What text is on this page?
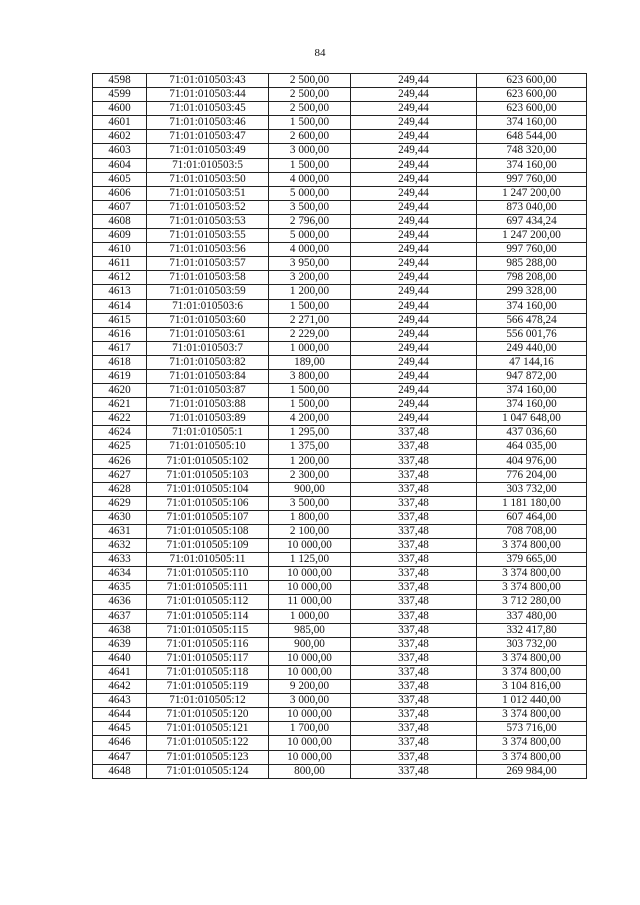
84
4598	71:01:010503:43	2 500,00	249,44	623 600,00
4599	71:01:010503:44	2 500,00	249,44	623 600,00
4600	71:01:010503:45	2 500,00	249,44	623 600,00
4601	71:01:010503:46	1 500,00	249,44	374 160,00
4602	71:01:010503:47	2 600,00	249,44	648 544,00
4603	71:01:010503:49	3 000,00	249,44	748 320,00
4604	71:01:010503:5	1 500,00	249,44	374 160,00
4605	71:01:010503:50	4 000,00	249,44	997 760,00
4606	71:01:010503:51	5 000,00	249,44	1 247 200,00
4607	71:01:010503:52	3 500,00	249,44	873 040,00
4608	71:01:010503:53	2 796,00	249,44	697 434,24
4609	71:01:010503:55	5 000,00	249,44	1 247 200,00
4610	71:01:010503:56	4 000,00	249,44	997 760,00
4611	71:01:010503:57	3 950,00	249,44	985 288,00
4612	71:01:010503:58	3 200,00	249,44	798 208,00
4613	71:01:010503:59	1 200,00	249,44	299 328,00
4614	71:01:010503:6	1 500,00	249,44	374 160,00
4615	71:01:010503:60	2 271,00	249,44	566 478,24
4616	71:01:010503:61	2 229,00	249,44	556 001,76
4617	71:01:010503:7	1 000,00	249,44	249 440,00
4618	71:01:010503:82	189,00	249,44	47 144,16
4619	71:01:010503:84	3 800,00	249,44	947 872,00
4620	71:01:010503:87	1 500,00	249,44	374 160,00
4621	71:01:010503:88	1 500,00	249,44	374 160,00
4622	71:01:010503:89	4 200,00	249,44	1 047 648,00
4624	71:01:010505:1	1 295,00	337,48	437 036,60
4625	71:01:010505:10	1 375,00	337,48	464 035,00
4626	71:01:010505:102	1 200,00	337,48	404 976,00
4627	71:01:010505:103	2 300,00	337,48	776 204,00
4628	71:01:010505:104	900,00	337,48	303 732,00
4629	71:01:010505:106	3 500,00	337,48	1 181 180,00
4630	71:01:010505:107	1 800,00	337,48	607 464,00
4631	71:01:010505:108	2 100,00	337,48	708 708,00
4632	71:01:010505:109	10 000,00	337,48	3 374 800,00
4633	71:01:010505:11	1 125,00	337,48	379 665,00
4634	71:01:010505:110	10 000,00	337,48	3 374 800,00
4635	71:01:010505:111	10 000,00	337,48	3 374 800,00
4636	71:01:010505:112	11 000,00	337,48	3 712 280,00
4637	71:01:010505:114	1 000,00	337,48	337 480,00
4638	71:01:010505:115	985,00	337,48	332 417,80
4639	71:01:010505:116	900,00	337,48	303 732,00
4640	71:01:010505:117	10 000,00	337,48	3 374 800,00
4641	71:01:010505:118	10 000,00	337,48	3 374 800,00
4642	71:01:010505:119	9 200,00	337,48	3 104 816,00
4643	71:01:010505:12	3 000,00	337,48	1 012 440,00
4644	71:01:010505:120	10 000,00	337,48	3 374 800,00
4645	71:01:010505:121	1 700,00	337,48	573 716,00
4646	71:01:010505:122	10 000,00	337,48	3 374 800,00
4647	71:01:010505:123	10 000,00	337,48	3 374 800,00
4648	71:01:010505:124	800,00	337,48	269 984,00
